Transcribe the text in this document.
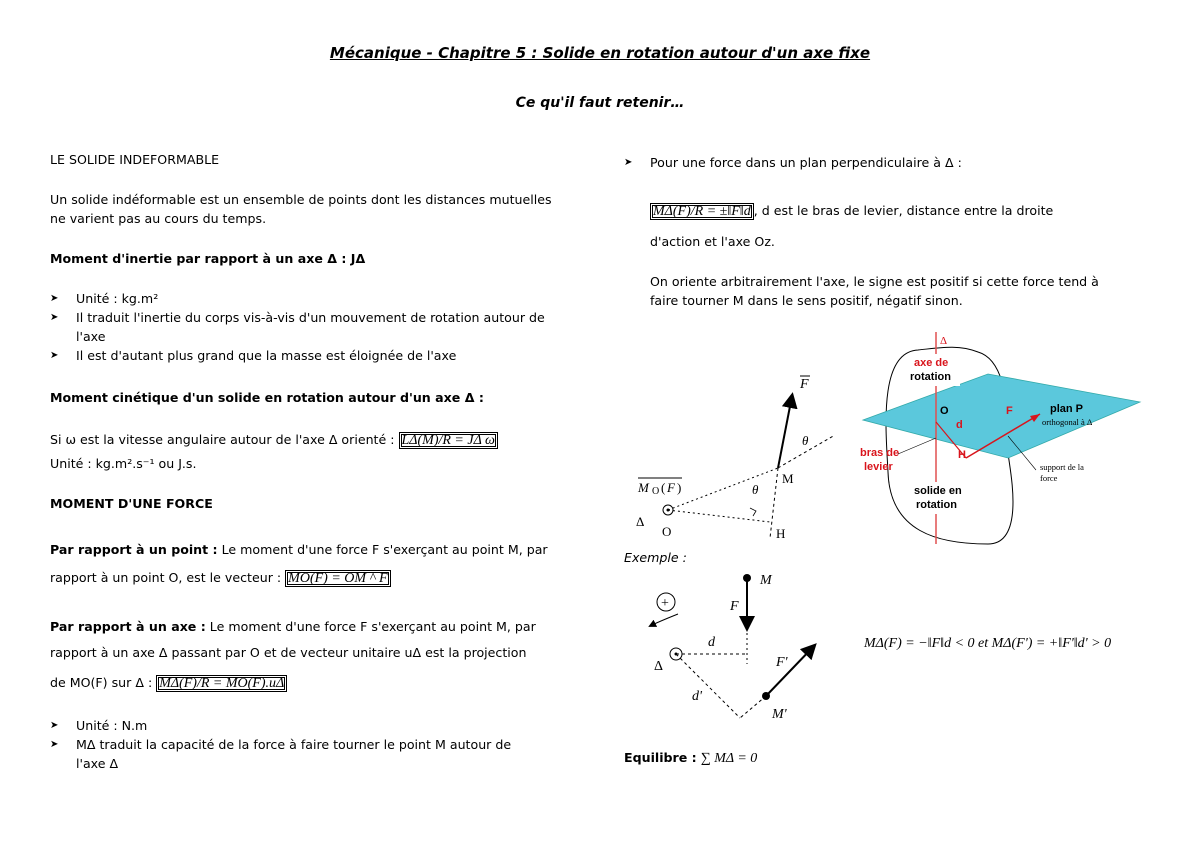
Mécanique - Chapitre 5 : Solide en rotation autour d'un axe fixe
Ce qu'il faut retenir…
LE SOLIDE INDEFORMABLE
Un solide indéformable est un ensemble de points dont les distances mutuelles
ne varient pas au cours du temps.
Moment d'inertie par rapport à un axe Δ : JΔ
➤ Unité : kg.m²
➤ Il traduit l'inertie du corps vis-à-vis d'un mouvement de rotation autour de
l'axe
➤ Il est d'autant plus grand que la masse est éloignée de l'axe
Moment cinétique d'un solide en rotation autour d'un axe Δ :
Si ω est la vitesse angulaire autour de l'axe Δ orienté : LΔ(M)/R = JΔ ω
Unité : kg.m².s⁻¹ ou J.s.
MOMENT D'UNE FORCE
Par rapport à un point : Le moment d'une force F s'exerçant au point M, par
rapport à un point O, est le vecteur : MO(F) = OM ^ F
Par rapport à un axe : Le moment d'une force F s'exerçant au point M, par
rapport à un axe Δ passant par O et de vecteur unitaire uΔ est la projection
de MO(F) sur Δ : MΔ(F)/R = MO(F).uΔ
➤ Unité : N.m
➤ MΔ traduit la capacité de la force à faire tourner le point M autour de
l'axe Δ
➤ Pour une force dans un plan perpendiculaire à Δ :
MΔ(F)/R = ±‖F‖d , d est le bras de levier, distance entre la droite
d'action et l'axe Oz.
On oriente arbitrairement l'axe, le signe est positif si cette force tend à
faire tourner M dans le sens positif, négatif sinon.
F
θ
M
θ
H
O
Δ
M O ( F )
Δ
axe de
rotation
O
d
H
F	plan P
orthogonal à Δ
bras de
levier
solide en
rotation
support de la
force
Exemple :
+
M
F
Δ
d
F'
M'
d'
MΔ(F) = −‖F‖d < 0 et MΔ(F') = +‖F'‖d' > 0
Equilibre : ∑ MΔ = 0
